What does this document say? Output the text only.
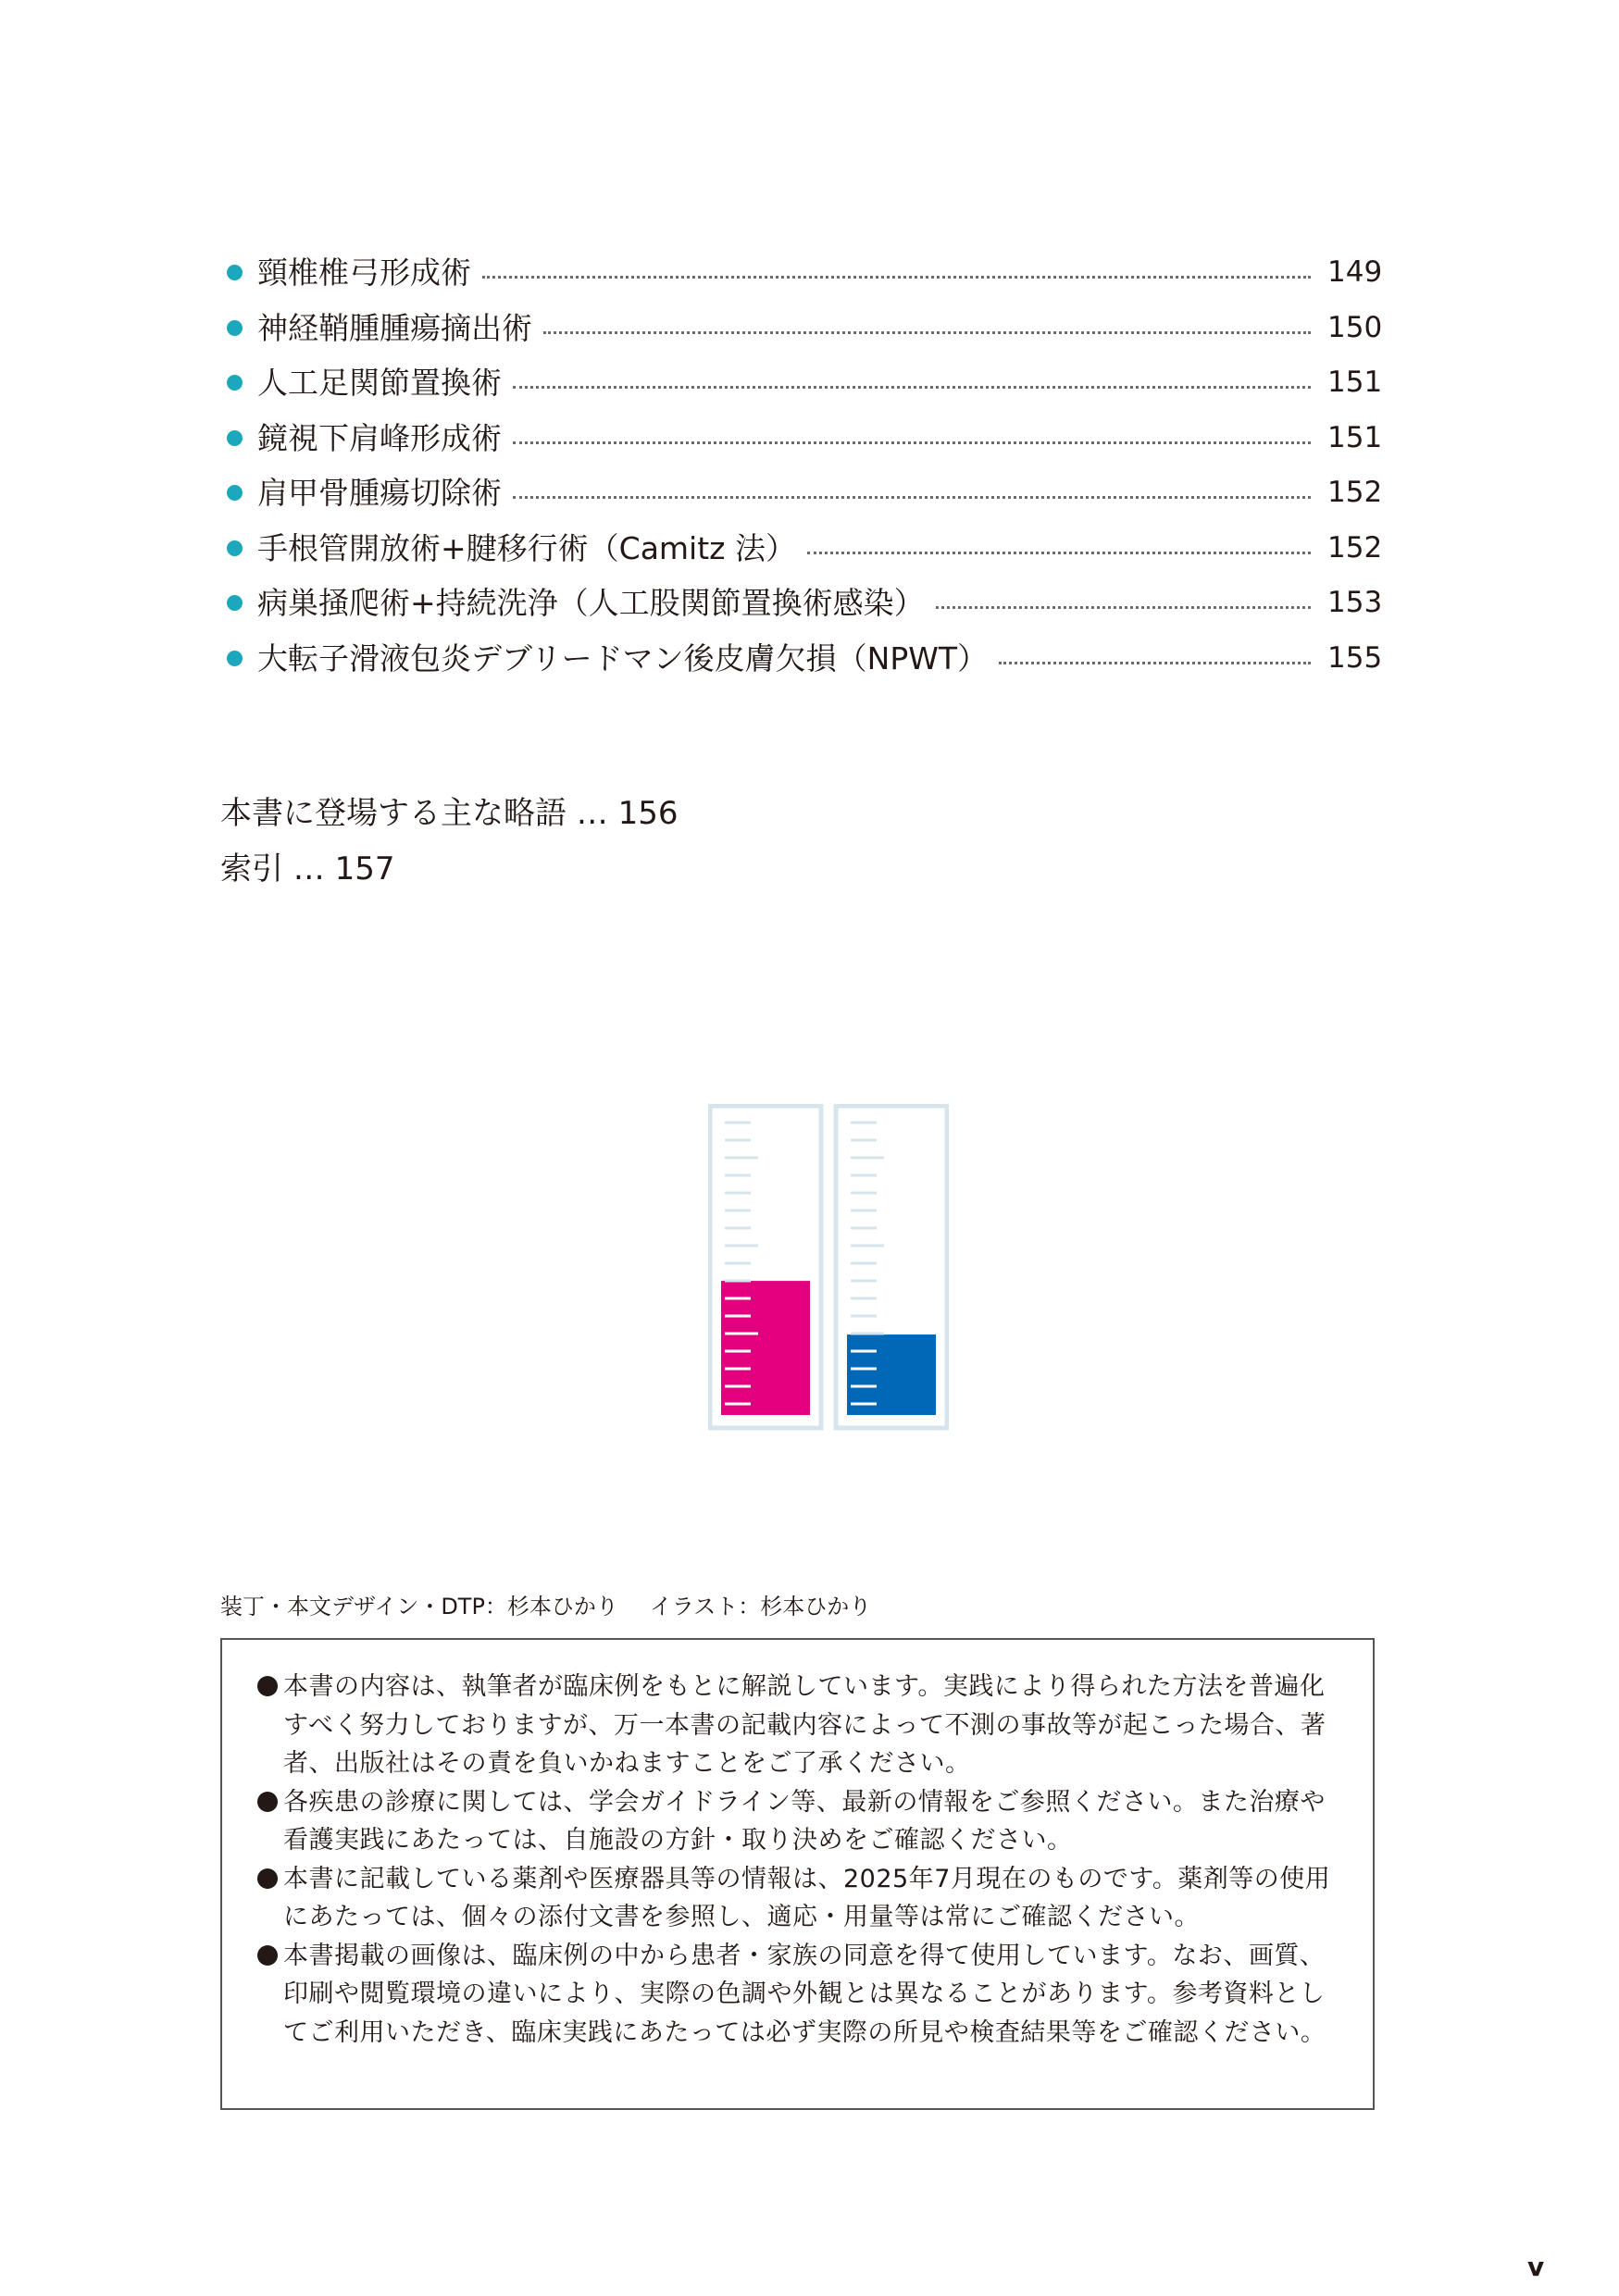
頸椎椎弓形成術	149
神経鞘腫腫瘍摘出術	150
人工足関節置換術	151
鏡視下肩峰形成術	151
肩甲骨腫瘍切除術	152
手根管開放術+腱移行術（Camitz 法）	152
病巣掻爬術+持続洗浄（人工股関節置換術感染）	153
大転子滑液包炎デブリードマン後皮膚欠損（NPWT）	155
本書に登場する主な略語 … 156
索引 … 157
装丁・本文デザイン・DTP：杉本ひかり イラスト：杉本ひかり
本書の内容は、執筆者が臨床例をもとに解説しています。実践により得られた方法を普遍化すべく努力しておりますが、万一本書の記載内容によって不測の事故等が起こった場合、著者、出版社はその責を負いかねますことをご了承ください。
各疾患の診療に関しては、学会ガイドライン等、最新の情報をご参照ください。また治療や看護実践にあたっては、自施設の方針・取り決めをご確認ください。
本書に記載している薬剤や医療器具等の情報は、2025年7月現在のものです。薬剤等の使用にあたっては、個々の添付文書を参照し、適応・用量等は常にご確認ください。
本書掲載の画像は、臨床例の中から患者・家族の同意を得て使用しています。なお、画質、印刷や閲覧環境の違いにより、実際の色調や外観とは異なることがあります。参考資料としてご利用いただき、臨床実践にあたっては必ず実際の所見や検査結果等をご確認ください。
v
